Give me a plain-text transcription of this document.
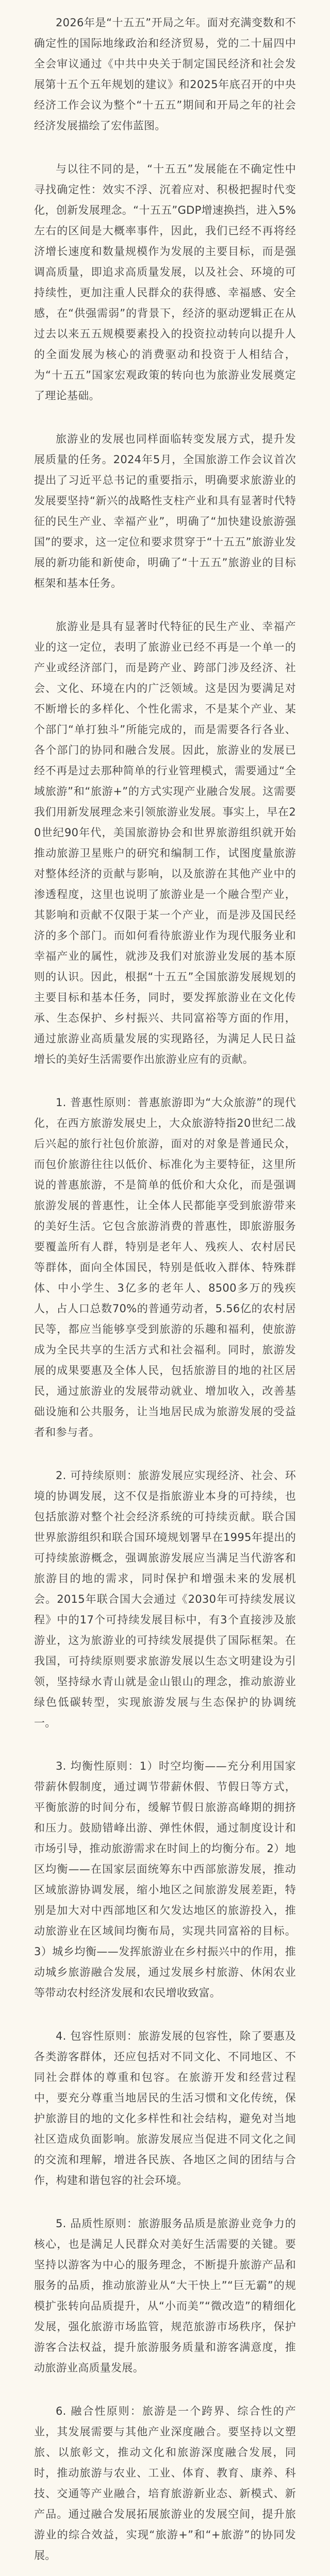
2026年是“十五五”开局之年。面对充满变数和不确定性的国际地缘政治和经济贸易，党的二十届四中全会审议通过《中共中央关于制定国民经济和社会发展第十五个五年规划的建议》和2025年底召开的中央经济工作会议为整个“十五五”期间和开局之年的社会经济发展描绘了宏伟蓝图。

与以往不同的是，“十五五”发展能在不确定性中寻找确定性：效实不浮、沉着应对、积极把握时代变化，创新发展理念。“十五五”GDP增速换挡，进入5%左右的区间是大概率事件，因此，我们已经不再将经济增长速度和数量规模作为发展的主要目标，而是强调高质量，即追求高质量发展，以及社会、环境的可持续性，更加注重人民群众的获得感、幸福感、安全感，在“供强需弱”的背景下，经济的驱动逻辑正在从过去以来五五规模要素投入的投资拉动转向以提升人的全面发展为核心的消费驱动和投资于人相结合，为“十五五”国家宏观政策的转向也为旅游业发展奠定了理论基础。

旅游业的发展也同样面临转变发展方式，提升发展质量的任务。2024年5月，全国旅游工作会议首次提出了习近平总书记的重要指示，明确要求旅游业的发展要坚持“新兴的战略性支柱产业和具有显著时代特征的民生产业、幸福产业”，明确了“加快建设旅游强国”的要求，这一定位和要求贯穿于“十五五”旅游业发展的新功能和新使命，明确了“十五五”旅游业的目标框架和基本任务。

旅游业是具有显著时代特征的民生产业、幸福产业的这一定位，表明了旅游业已经不再是一个单一的产业或经济部门，而是跨产业、跨部门涉及经济、社会、文化、环境在内的广泛领域。这是因为要满足对不断增长的多样化、个性化需求，不是某个产业、某个部门“单打独斗”所能完成的，而是需要各行各业、各个部门的协同和融合发展。因此，旅游业的发展已经不再是过去那种简单的行业管理模式，需要通过“全域旅游”和“旅游+”的方式实现产业融合发展。这需要我们用新发展理念来引领旅游业发展。事实上，早在20世纪90年代，美国旅游协会和世界旅游组织就开始推动旅游卫星账户的研究和编制工作，试图度量旅游对整体经济的贡献与影响，以及旅游在其他产业中的渗透程度，这里也说明了旅游业是一个融合型产业，其影响和贡献不仅限于某一个产业，而是涉及国民经济的多个部门。而如何看待旅游业作为现代服务业和幸福产业的属性，就涉及我们对旅游业发展的基本原则的认识。因此，根据“十五五”全国旅游发展规划的主要目标和基本任务，同时，要发挥旅游业在文化传承、生态保护、乡村振兴、共同富裕等方面的作用，通过旅游业高质量发展的实现路径，为满足人民日益增长的美好生活需要作出旅游业应有的贡献。

1. 普惠性原则：普惠旅游即为“大众旅游”的现代化，在西方旅游发展史上，大众旅游特指20世纪二战后兴起的旅行社包价旅游，面对的对象是普通民众，而包价旅游往往以低价、标准化为主要特征，这里所说的普惠旅游，不是简单的低价和大众化，而是强调旅游发展的普惠性，让全体人民都能享受到旅游带来的美好生活。它包含旅游消费的普惠性，即旅游服务要覆盖所有人群，特别是老年人、残疾人、农村居民等群体，面向全体国民，特别是低收入群体、特殊群体、中小学生、3亿多的老年人、8500多万的残疾人，占人口总数70%的普通劳动者，5.56亿的农村居民等，都应当能够享受到旅游的乐趣和福利，使旅游成为全民共享的生活方式和社会福利。同时，旅游发展的成果要惠及全体人民，包括旅游目的地的社区居民，通过旅游业的发展带动就业、增加收入，改善基础设施和公共服务，让当地居民成为旅游发展的受益者和参与者。

2. 可持续原则：旅游发展应实现经济、社会、环境的协调发展，这不仅是指旅游业本身的可持续，也包括旅游对整个社会经济系统的可持续贡献。联合国世界旅游组织和联合国环境规划署早在1995年提出的可持续旅游概念，强调旅游发展应当满足当代游客和旅游目的地的需求，同时保护和增强未来的发展机会。2015年联合国大会通过《2030年可持续发展议程》中的17个可持续发展目标中，有3个直接涉及旅游业，这为旅游业的可持续发展提供了国际框架。在我国，可持续原则要求旅游发展以生态文明建设为引领，坚持绿水青山就是金山银山的理念，推动旅游业绿色低碳转型，实现旅游发展与生态保护的协调统一。

3. 均衡性原则：1）时空均衡——充分利用国家带薪休假制度，通过调节带薪休假、节假日等方式，平衡旅游的时间分布，缓解节假日旅游高峰期的拥挤和压力。鼓励错峰出游、弹性休假，通过制度设计和市场引导，推动旅游需求在时间上的均衡分布。2）地区均衡——在国家层面统筹东中西部旅游发展，推动区域旅游协调发展，缩小地区之间旅游发展差距，特别是加大对中西部地区和欠发达地区的旅游投入，推动旅游业在区域间均衡布局，实现共同富裕的目标。3）城乡均衡——发挥旅游业在乡村振兴中的作用，推动城乡旅游融合发展，通过发展乡村旅游、休闲农业等带动农村经济发展和农民增收致富。

4. 包容性原则：旅游发展的包容性，除了要惠及各类游客群体，还应包括对不同文化、不同地区、不同社会群体的尊重和包容。在旅游开发和经营过程中，要充分尊重当地居民的生活习惯和文化传统，保护旅游目的地的文化多样性和社会结构，避免对当地社区造成负面影响。旅游发展应当促进不同文化之间的交流和理解，增进各民族、各地区之间的团结与合作，构建和谐包容的社会环境。

5. 品质性原则：旅游服务品质是旅游业竞争力的核心，也是满足人民群众对美好生活需要的关键。要坚持以游客为中心的服务理念，不断提升旅游产品和服务的品质，推动旅游业从“大干快上”“巨无霸”的规模扩张转向品质提升，从“小而美”“微改造”的精细化发展，强化旅游市场监管，规范旅游市场秩序，保护游客合法权益，提升旅游服务质量和游客满意度，推动旅游业高质量发展。

6. 融合性原则：旅游是一个跨界、综合性的产业，其发展需要与其他产业深度融合。要坚持以文塑旅、以旅彰文，推动文化和旅游深度融合发展，同时，推动旅游与农业、工业、体育、教育、康养、科技、交通等产业融合，培育旅游新业态、新模式、新产品。通过融合发展拓展旅游业的发展空间，提升旅游业的综合效益，实现“旅游+”和“+旅游”的协同发展。
